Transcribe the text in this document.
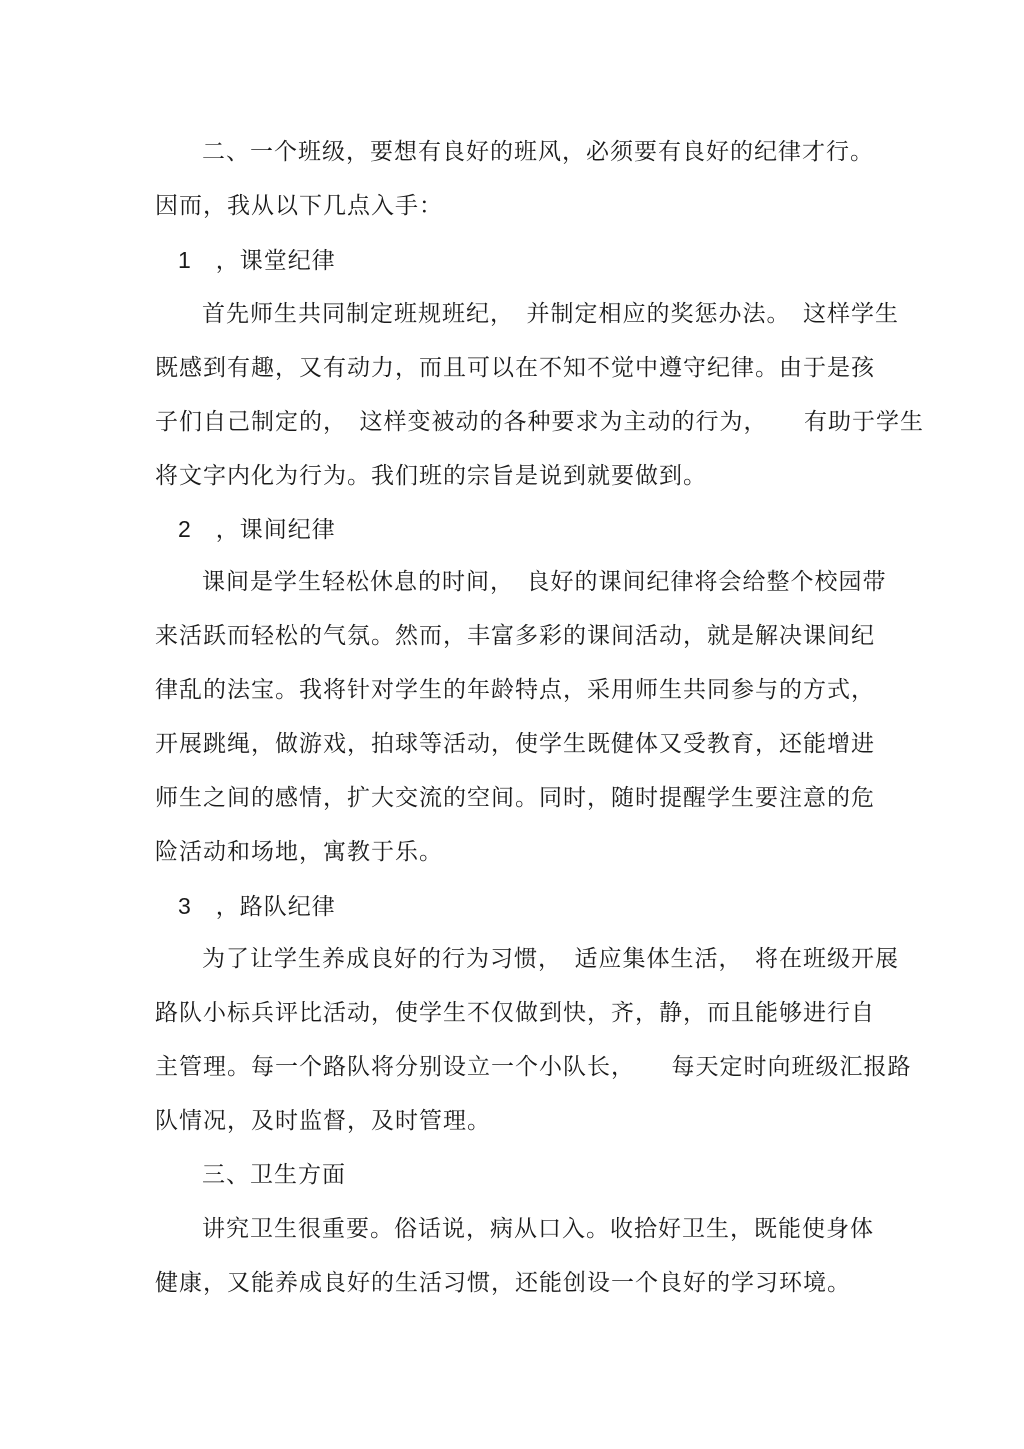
二、一个班级，要想有良好的班风，必须要有良好的纪律才行。
因而，我从以下几点入手：
1　，课堂纪律
首先师生共同制定班规班纪，　并制定相应的奖惩办法。　这样学生
既感到有趣，又有动力，而且可以在不知不觉中遵守纪律。由于是孩
子们自己制定的，　这样变被动的各种要求为主动的行为，　　有助于学生
将文字内化为行为。我们班的宗旨是说到就要做到。
2　，课间纪律
课间是学生轻松休息的时间，　良好的课间纪律将会给整个校园带
来活跃而轻松的气氛。然而，丰富多彩的课间活动，就是解决课间纪
律乱的法宝。我将针对学生的年龄特点，采用师生共同参与的方式，
开展跳绳，做游戏，拍球等活动，使学生既健体又受教育，还能增进
师生之间的感情，扩大交流的空间。同时，随时提醒学生要注意的危
险活动和场地，寓教于乐。
3　，路队纪律
为了让学生养成良好的行为习惯，　适应集体生活，　将在班级开展
路队小标兵评比活动，使学生不仅做到快，齐，静，而且能够进行自
主管理。每一个路队将分别设立一个小队长，　　每天定时向班级汇报路
队情况，及时监督，及时管理。
三、卫生方面
讲究卫生很重要。俗话说，病从口入。收拾好卫生，既能使身体
健康，又能养成良好的生活习惯，还能创设一个良好的学习环境。
